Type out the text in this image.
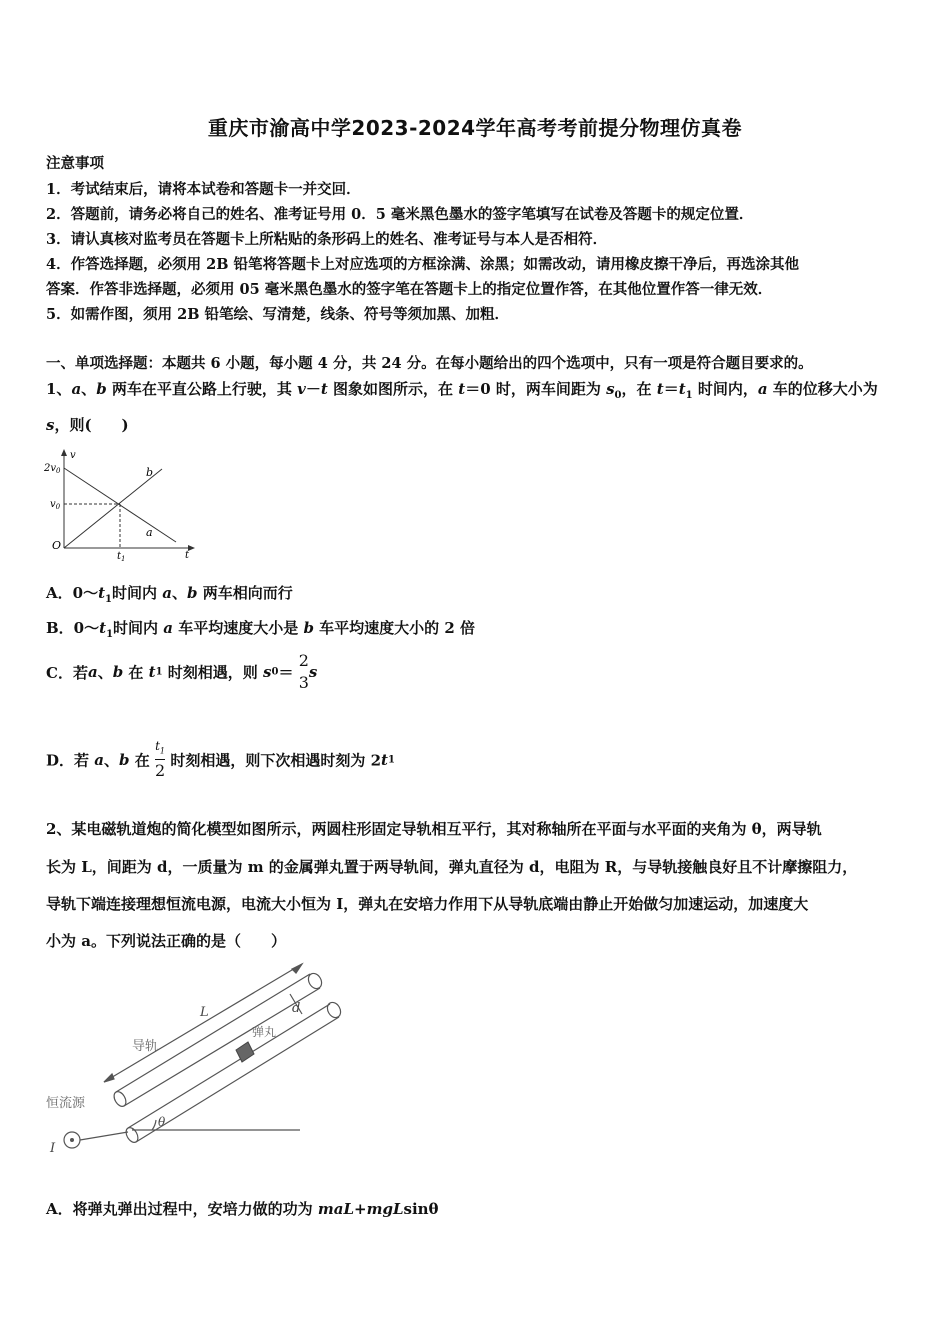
重庆市渝高中学2023-2024学年高考考前提分物理仿真卷
注意事项
1．考试结束后，请将本试卷和答题卡一并交回．
2．答题前，请务必将自己的姓名、准考证号用 0．5 毫米黑色墨水的签字笔填写在试卷及答题卡的规定位置．
3．请认真核对监考员在答题卡上所粘贴的条形码上的姓名、准考证号与本人是否相符．
4．作答选择题，必须用 2B 铅笔将答题卡上对应选项的方框涂满、涂黑；如需改动，请用橡皮擦干净后，再选涂其他
答案．作答非选择题，必须用 05 毫米黑色墨水的签字笔在答题卡上的指定位置作答，在其他位置作答一律无效．
5．如需作图，须用 2B 铅笔绘、写清楚，线条、符号等须加黑、加粗．
一、单项选择题：本题共 6 小题，每小题 4 分，共 24 分。在每小题给出的四个选项中，只有一项是符合题目要求的。
1、a、b 两车在平直公路上行驶，其 v－t 图象如图所示，在 t＝0 时，两车间距为 $s_0$，在 $t=t_1$ 时间内，a 车的位移大小为
s，则(　　)
$2v_0$
$v_0$
O
v
t
$t_1$
b
a
A．$0\sim t_1$时间内 a、b 两车相向而行
B．$0\sim t_1$时间内 a 车平均速度大小是 b 车平均速度大小的 2 倍
C．若a、b 在 t1 时刻相遇，则 s0＝
2
3
s
D．若 a、b 在 $\frac{t_1}{2}$ 时刻相遇，则下次相遇时刻为 2t1
2、某电磁轨道炮的简化模型如图所示，两圆柱形固定导轨相互平行，其对称轴所在平面与水平面的夹角为 θ，两导轨
长为 L，间距为 d，一质量为 m 的金属弹丸置于两导轨间，弹丸直径为 d，电阻为 R，与导轨接触良好且不计摩擦阻力，
导轨下端连接理想恒流电源，电流大小恒为 I，弹丸在安培力作用下从导轨底端由静止开始做匀加速运动，加速度大
小为 a。下列说法正确的是（　　）
L	d
导轨
弹丸
恒流源
θ
I
A．将弹丸弹出过程中，安培力做的功为 maL+mgLsinθ
